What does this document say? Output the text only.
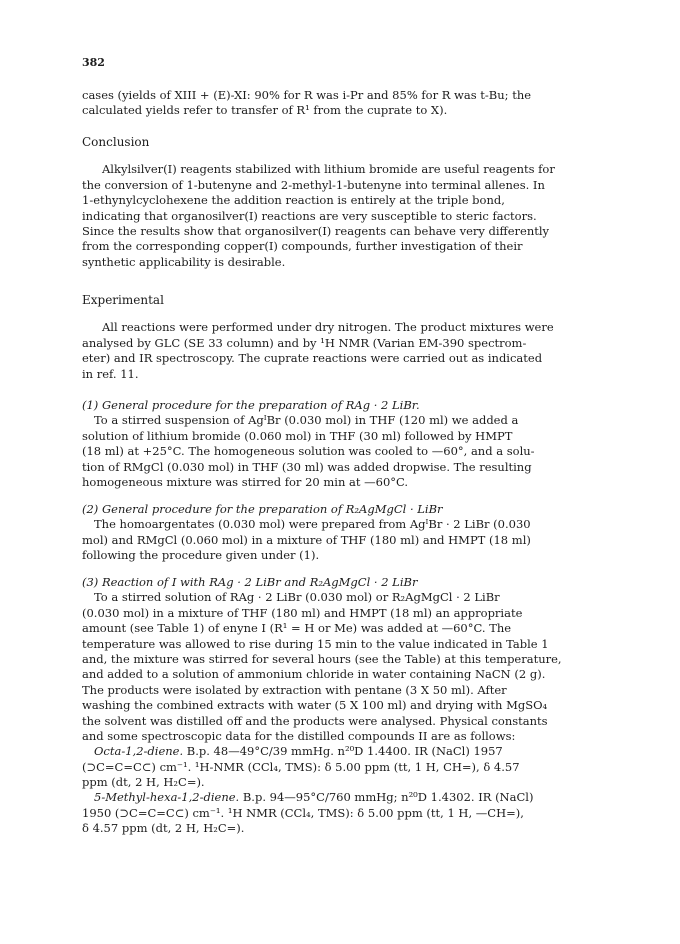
382
cases (yields of XIII + (E)-XI: 90% for R was i-Pr and 85% for R was t-Bu; the
calculated yields refer to transfer of R¹ from the cuprate to X).
Conclusion
Alkylsilver(I) reagents stabilized with lithium bromide are useful reagents for
the conversion of 1-butenyne and 2-methyl-1-butenyne into terminal allenes. In
1-ethynylcyclohexene the addition reaction is entirely at the triple bond,
indicating that organosilver(I) reactions are very susceptible to steric factors.
Since the results show that organosilver(I) reagents can behave very differently
from the corresponding copper(I) compounds, further investigation of their
synthetic applicability is desirable.
Experimental
All reactions were performed under dry nitrogen. The product mixtures were
analysed by GLC (SE 33 column) and by ¹H NMR (Varian EM-390 spectrom-
eter) and IR spectroscopy. The cuprate reactions were carried out as indicated
in ref. 11.
(1) General procedure for the preparation of RAg · 2 LiBr.
To a stirred suspension of AgᴵBr (0.030 mol) in THF (120 ml) we added a
solution of lithium bromide (0.060 mol) in THF (30 ml) followed by HMPT
(18 ml) at +25°C. The homogeneous solution was cooled to —60°, and a solu-
tion of RMgCl (0.030 mol) in THF (30 ml) was added dropwise. The resulting
homogeneous mixture was stirred for 20 min at —60°C.
(2) General procedure for the preparation of R₂AgMgCl · LiBr
The homoargentates (0.030 mol) were prepared from AgᴵBr · 2 LiBr (0.030
mol) and RMgCl (0.060 mol) in a mixture of THF (180 ml) and HMPT (18 ml)
following the procedure given under (1).
(3) Reaction of I with RAg · 2 LiBr and R₂AgMgCl · 2 LiBr
To a stirred solution of RAg · 2 LiBr (0.030 mol) or R₂AgMgCl · 2 LiBr
(0.030 mol) in a mixture of THF (180 ml) and HMPT (18 ml) an appropriate
amount (see Table 1) of enyne I (R¹ = H or Me) was added at —60°C. The
temperature was allowed to rise during 15 min to the value indicated in Table 1
and, the mixture was stirred for several hours (see the Table) at this temperature,
and added to a solution of ammonium chloride in water containing NaCN (2 g).
The products were isolated by extraction with pentane (3 X 50 ml). After
washing the combined extracts with water (5 X 100 ml) and drying with MgSO₄
the solvent was distilled off and the products were analysed. Physical constants
and some spectroscopic data for the distilled compounds II are as follows:
Octa-1,2-diene. B.p. 48—49°C/39 mmHg. n²⁰D 1.4400. IR (NaCl) 1957
(⊃C=C=C⊂) cm⁻¹. ¹H-NMR (CCl₄, TMS): δ 5.00 ppm (tt, 1 H, CH=), δ 4.57
ppm (dt, 2 H, H₂C=).
5-Methyl-hexa-1,2-diene. B.p. 94—95°C/760 mmHg; n²⁰D 1.4302. IR (NaCl)
1950 (⊃C=C=C⊂) cm⁻¹. ¹H NMR (CCl₄, TMS): δ 5.00 ppm (tt, 1 H, —CH=),
δ 4.57 ppm (dt, 2 H, H₂C=).
